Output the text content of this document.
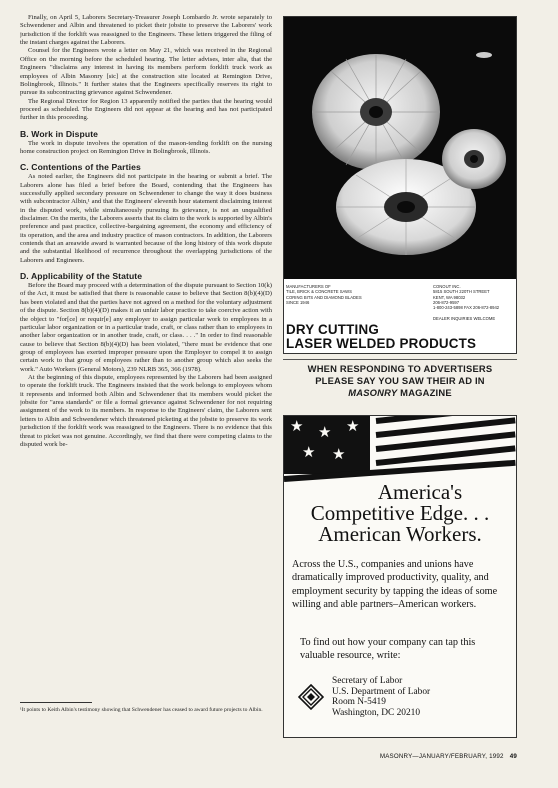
Finally, on April 5, Laborers Secretary-Treasurer Joseph Lombardo Jr. wrote separately to Schwendener and Albin and threatened to picket their jobsite to preserve the Laborers' work jurisdiction if the forklift was reassigned to the Engineers. These letters triggered the filing of the instant charges against the Laborers.

Counsel for the Engineers wrote a letter on May 21, which was received in the Regional Office on the morning before the scheduled hearing. The letter advises, inter alia, that the Engineers "disclaims any interest in having its members perform forklift truck work as employees of Albin Masonry [sic] at the construction site located at Remington Drive, Bolingbrook, Illinois." It further states that the Engineers specifically reserves its right to pursue its subcontracting grievance against Schwendener.

The Regional Director for Region 13 apparently notified the parties that the hearing would proceed as scheduled. The Engineers did not appear at the hearing and has not participated further in this proceeding.

B. Work in Dispute

The work in dispute involves the operation of the mason-tending forklift on the nursing home construction project on Remington Drive in Bolingbrook, Illinois.

C. Contentions of the Parties

As noted earlier, the Engineers did not participate in the hearing or submit a brief. The Laborers alone has filed a brief before the Board, contending that the Engineers has successfully applied secondary pressure on Schwendener to change the way it does business with subcontractor Albin,¹ and that the Engineers' eleventh hour statement disclaiming interest in the disputed work, while simultaneously pursuing its grievance, is not an unqualified disclaimer. On the merits, the Laborers asserts that its claim to the work is supported by Albin's preference and past practice, collective-bargaining agreement, the economy and efficiency of its operation, and the area and industry practice of mason contractors. In addition, the Laborers contends that an areawide award is warranted because of the long history of this work dispute and the substantial likelihood of recurrence throughout the overlapping jurisdictions of the Laborers and Engineers.

D. Applicability of the Statute

Before the Board may proceed with a determination of the dispute pursuant to Section 10(k) of the Act, it must be satisfied that there is reasonable cause to believe that Section 8(b)(4)(D) has been violated and that the parties have not agreed on a method for the voluntary adjustment of the dispute. Section 8(b)(4)(D) makes it an unfair labor practice to take coercive action with the object to "for[ce] or requir[e] any employer to assign particular work to employees in a particular labor organization or in a particular trade, craft, or class rather than to employees in another labor organization or in another trade, craft, or class. . . ." In order to find reasonable cause to believe that Section 8(b)(4)(D) has been violated, "there must be evidence that one group of employees has exerted improper pressure upon the Employer to compel it to assign certain work to that group of employees rather than to another group which also seeks the work." Auto Workers (General Motors), 239 NLRB 365, 366 (1978).

At the beginning of this dispute, employees represented by the Laborers had been assigned to operate the forklift truck. The Engineers insisted that the work belongs to employees whom it represents and informed both Albin and Schwendener that its members would picket the jobsite for "area standards" or file a formal grievance against Schwendener for not requiring assignment of the work to its members. In response to the Engineers' claim, the Laborers sent letters to Albin and Schwendener which threatened picketing at the jobsite to preserve its work jurisdiction if the forklift work was reassigned to the Engineers. There is no evidence that this threat to picket was not genuine. Accordingly, we find that there were competing claims to the disputed work be-

¹It points to Keith Albin's testimony showing that Schwendener has ceased to award future projects to Albin.
MANUFACTURERS OF
TILE, BRICK & CONCRETE SAWS
CORING BITS AND DIAMOND BLADES
SINCE 1946
CONOUT INC.
5815 SOUTH 220TH STREET
KENT, WA 98032
206-872-9597
1-800-243-5898 FAX 206-872-8942
DEALER INQUIRIES WELCOME
DRY CUTTING
LASER WELDED PRODUCTS
WHEN RESPONDING TO ADVERTISERS
PLEASE SAY YOU SAW THEIR AD IN
MASONRY MAGAZINE
★ ★ ★
★ ★
America's
Competitive Edge. . .
American Workers.
Across the U.S., companies and unions have dramatically improved productivity, quality, and employment security by tapping the ideas of some willing and able partners–American workers.
To find out how your company can tap this valuable resource, write:
Secretary of Labor
U.S. Department of Labor
Room N-5419
Washington, DC 20210
MASONRY—JANUARY/FEBRUARY, 1992 49
